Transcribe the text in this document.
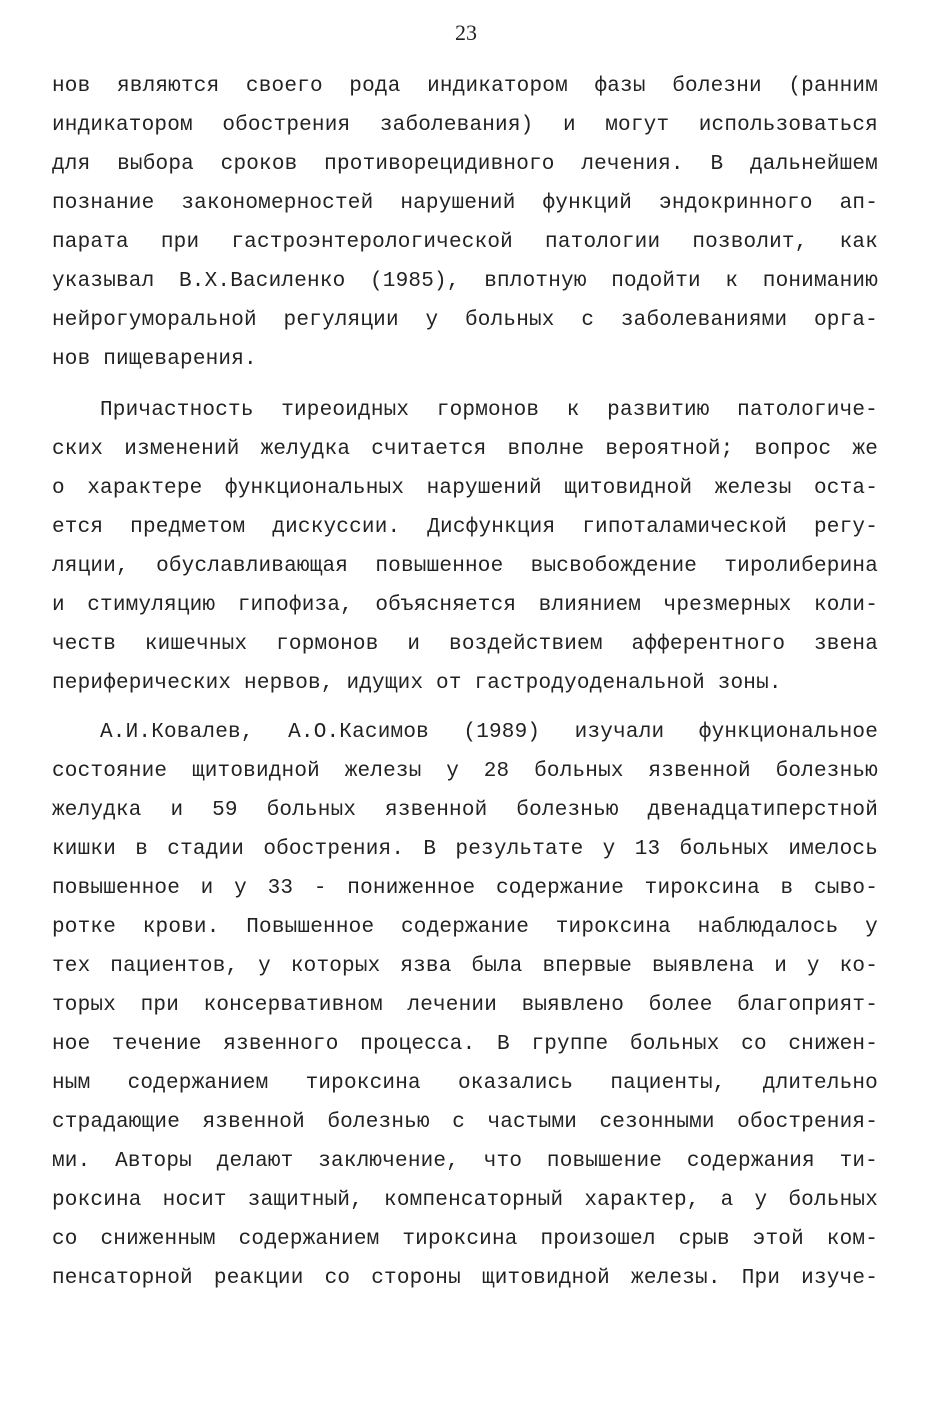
23
нов являются своего рода индикатором фазы болезни (ранним
индикатором обострения заболевания) и могут использоваться
для выбора сроков противорецидивного лечения. В дальнейшем
познание закономерностей нарушений функций эндокринного ап-
парата при гастроэнтерологической патологии позволит, как
указывал В.Х.Василенко (1985), вплотную подойти к пониманию
нейрогуморальной регуляции у больных с заболеваниями орга-
нов пищеварения.
Причастность тиреоидных гормонов к развитию патологиче-
ских изменений желудка считается вполне вероятной; вопрос же
о характере функциональных нарушений щитовидной железы оста-
ется предметом дискуссии. Дисфункция гипоталамической регу-
ляции, обуславливающая повышенное высвобождение тиролиберина
и стимуляцию гипофиза, объясняется влиянием чрезмерных коли-
честв кишечных гормонов и воздействием афферентного звена
периферических нервов, идущих от гастродуоденальной зоны.
А.И.Ковалев, А.О.Касимов (1989) изучали функциональное
состояние щитовидной железы у 28 больных язвенной болезнью
желудка и 59 больных язвенной болезнью двенадцатиперстной
кишки в стадии обострения. В результате у 13 больных имелось
повышенное и у 33 - пониженное содержание тироксина в сыво-
ротке крови. Повышенное содержание тироксина наблюдалось у
тех пациентов, у которых язва была впервые выявлена и у ко-
торых при консервативном лечении выявлено более благоприят-
ное течение язвенного процесса. В группе больных со снижен-
ным содержанием тироксина оказались пациенты, длительно
страдающие язвенной болезнью с частыми сезонными обострения-
ми. Авторы делают заключение, что повышение содержания ти-
роксина носит защитный, компенсаторный характер, а у больных
со сниженным содержанием тироксина произошел срыв этой ком-
пенсаторной реакции со стороны щитовидной железы. При изуче-
